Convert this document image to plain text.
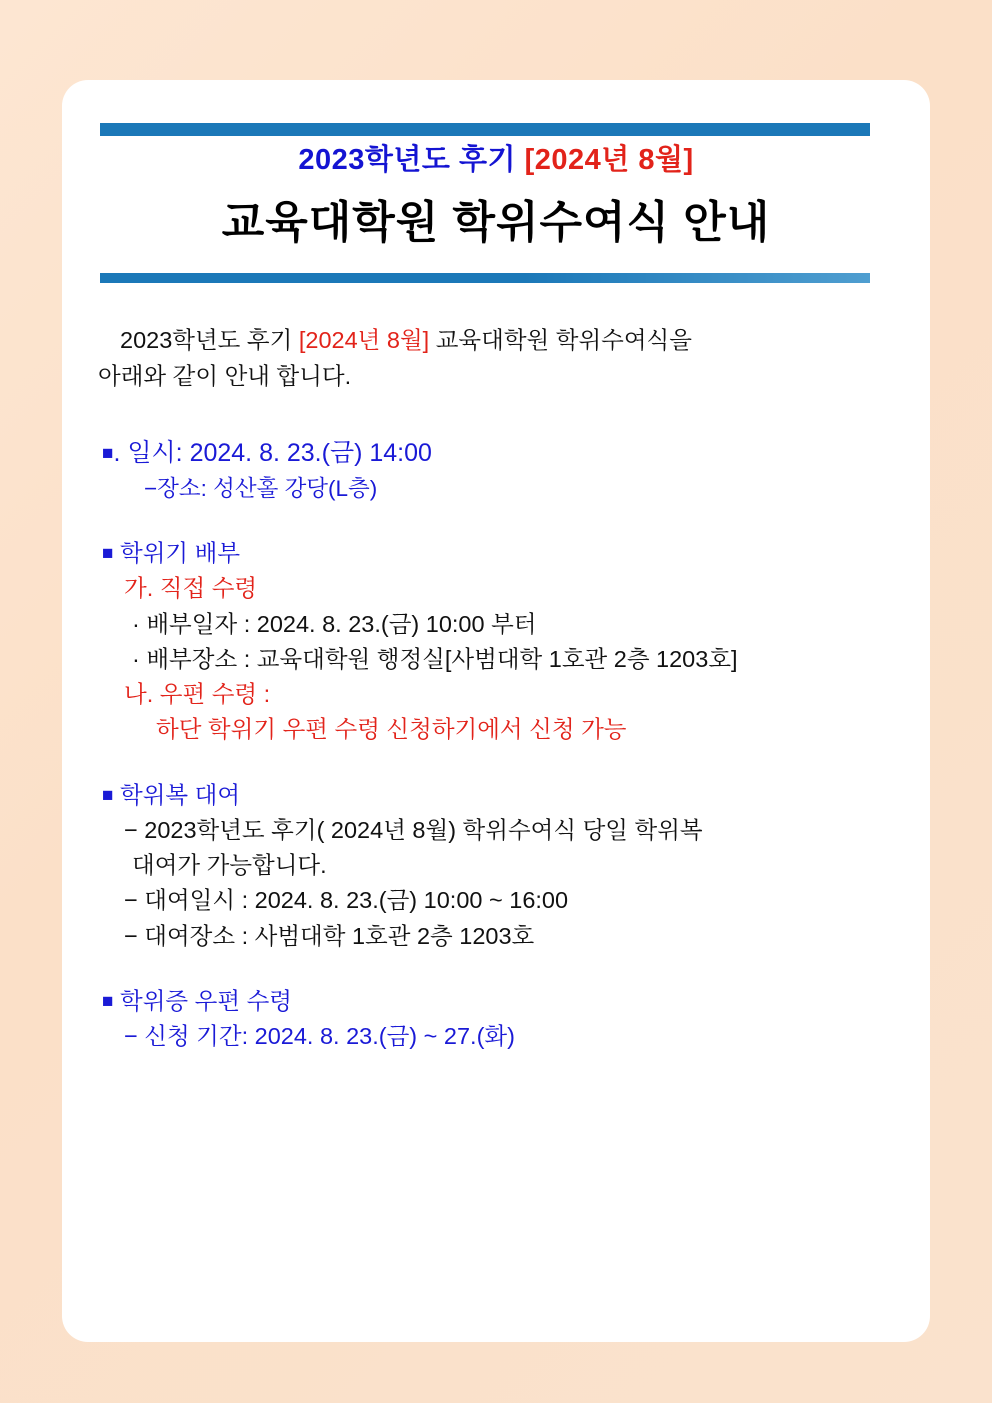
2023학년도 후기 [2024년 8월]
교육대학원 학위수여식 안내

2023학년도 후기 [2024년 8월] 교육대학원 학위수여식을
아래와 같이 안내 합니다.

■. 일시: 2024. 8. 23.(금) 14:00
−장소: 성산홀 강당(L층)
■ 학위기 배부
가. 직접 수령
· 배부일자 : 2024. 8. 23.(금) 10:00 부터
· 배부장소 : 교육대학원 행정실[사범대학 1호관 2층 1203호]
나. 우편 수령 :
하단 학위기 우편 수령 신청하기에서 신청 가능
■ 학위복 대여
− 2023학년도 후기( 2024년 8월) 학위수여식 당일 학위복
대여가 가능합니다.
− 대여일시 : 2024. 8. 23.(금) 10:00 ~ 16:00
− 대여장소 : 사범대학 1호관 2층 1203호
■ 학위증 우편 수령
− 신청 기간: 2024. 8. 23.(금) ~ 27.(화)
